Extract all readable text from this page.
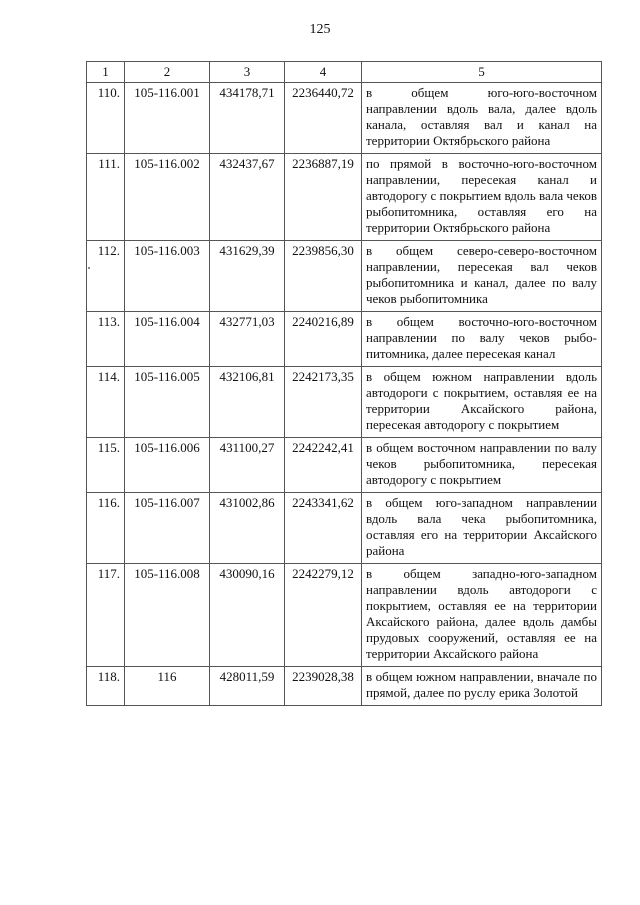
125
1	2	3	4	5
110.	105-116.001	434178,71	2236440,72	в общем юго-юго-восточном направлении вдоль вала, далее вдоль канала, оставляя вал и канал на территории Октябрьского района
111.	105-116.002	432437,67	2236887,19	по прямой в восточно-юго-восточном направлении, пересекая канал и автодорогу с покрытием вдоль вала чеков рыбопитомника, оставляя его на территории Октябрьского района
112.	105-116.003	431629,39	2239856,30	в общем северо-северо-восточном направлении, пересекая вал чеков рыбопитомника и канал, далее по валу чеков рыбопитомника
113.	105-116.004	432771,03	2240216,89	в общем восточно-юго-восточном направлении по валу чеков рыбопитомника, далее пересекая канал
114.	105-116.005	432106,81	2242173,35	в общем южном направлении вдоль автодороги с покрытием, оставляя ее на территории Аксайского района, пересекая автодорогу с покрытием
115.	105-116.006	431100,27	2242242,41	в общем восточном направлении по валу чеков рыбопитомника, пересекая автодорогу с покрытием
116.	105-116.007	431002,86	2243341,62	в общем юго-западном направлении вдоль вала чека рыбопитомника, оставляя его на территории Аксайского района
117.	105-116.008	430090,16	2242279,12	в общем западно-юго-западном направлении вдоль автодороги с покрытием, оставляя ее на территории Аксайского района, далее вдоль дамбы прудовых сооружений, оставляя ее на территории Аксайского района
118.	116	428011,59	2239028,38	в общем южном направлении, вначале по прямой, далее по руслу ерика Золотой
